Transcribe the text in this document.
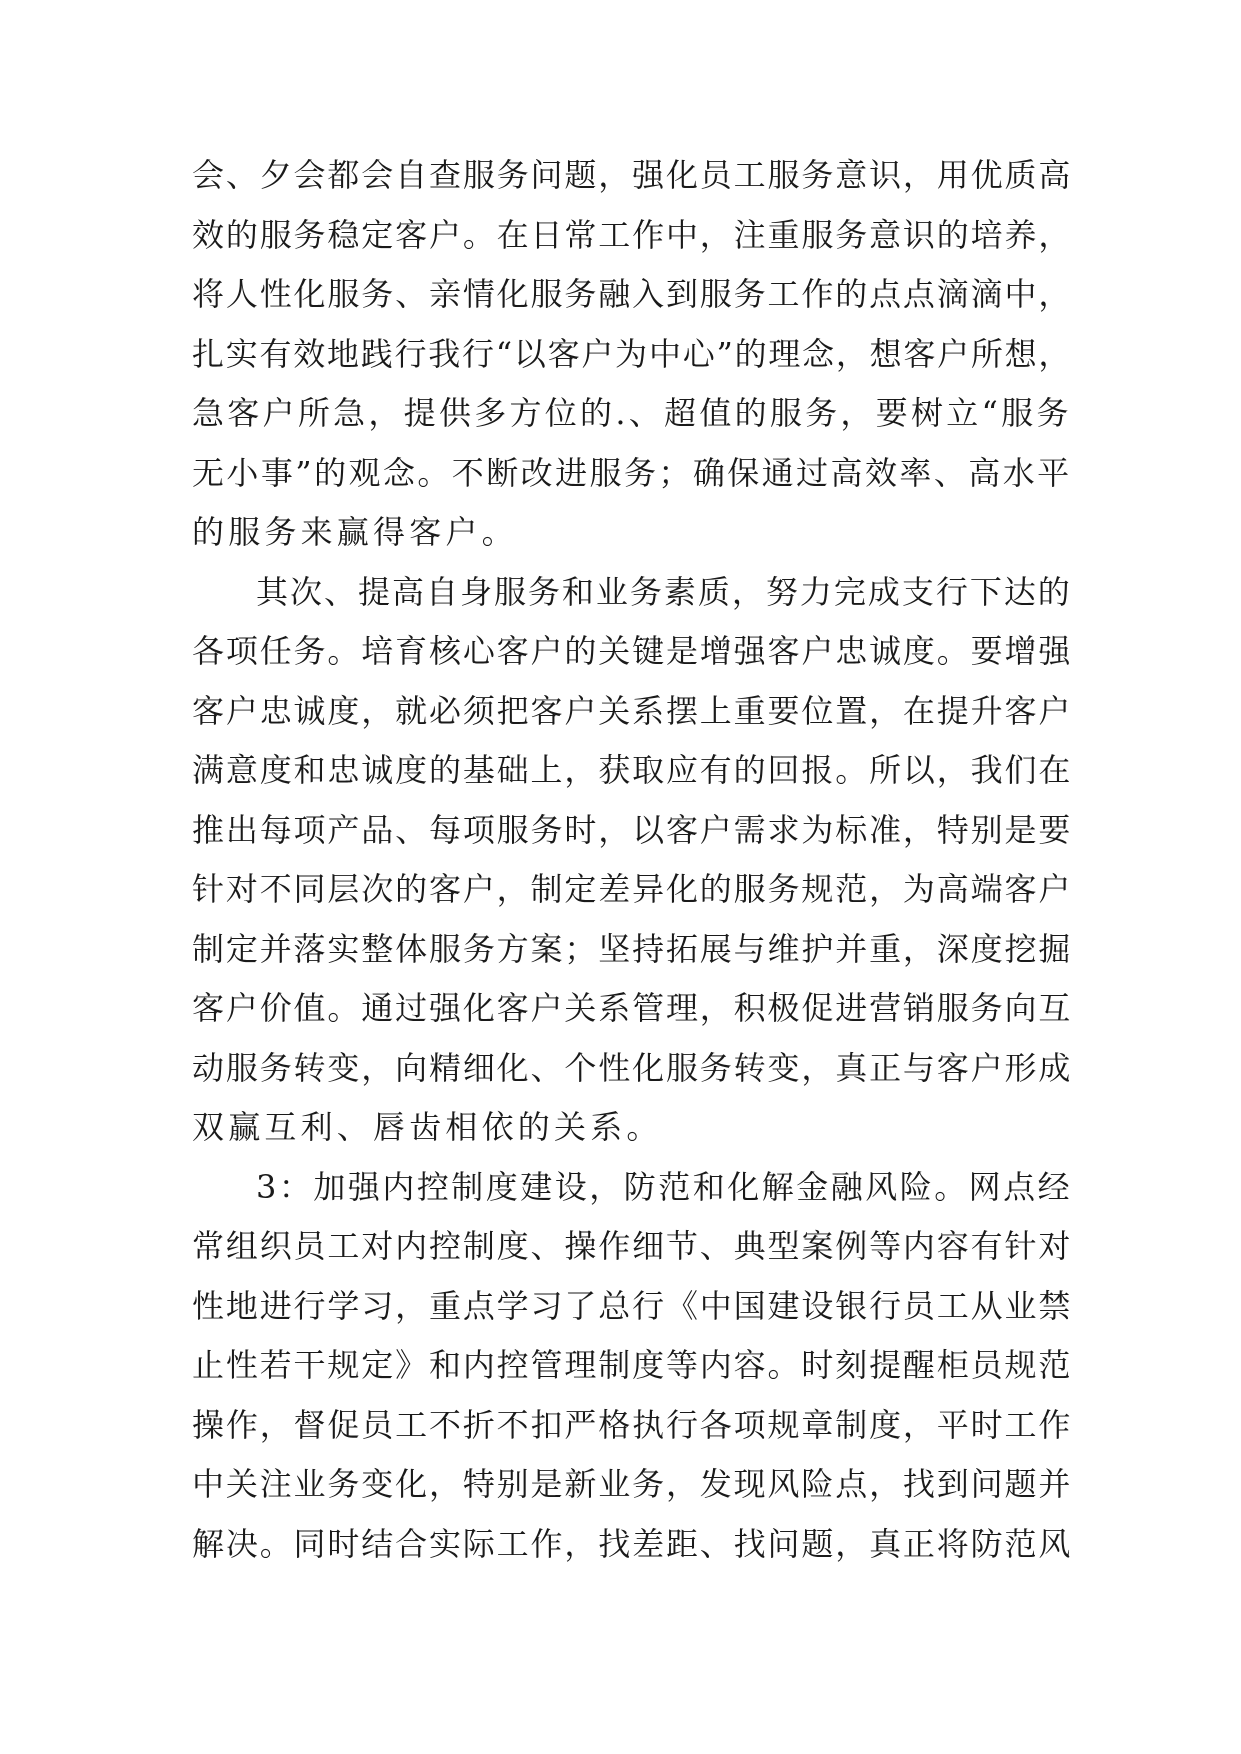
会、夕会都会自查服务问题，强化员工服务意识，用优质高
效的服务稳定客户。在日常工作中，注重服务意识的培养，
将人性化服务、亲情化服务融入到服务工作的点点滴滴中，
扎实有效地践行我行“以客户为中心”的理念，想客户所想，
急客户所急，提供多方位的.、超值的服务，要树立“服务
无小事”的观念。不断改进服务；确保通过高效率、高水平
的服务来赢得客户。
其次、提高自身服务和业务素质，努力完成支行下达的
各项任务。培育核心客户的关键是增强客户忠诚度。要增强
客户忠诚度，就必须把客户关系摆上重要位置，在提升客户
满意度和忠诚度的基础上，获取应有的回报。所以，我们在
推出每项产品、每项服务时，以客户需求为标准，特别是要
针对不同层次的客户，制定差异化的服务规范，为高端客户
制定并落实整体服务方案；坚持拓展与维护并重，深度挖掘
客户价值。通过强化客户关系管理，积极促进营销服务向互
动服务转变，向精细化、个性化服务转变，真正与客户形成
双赢互利、唇齿相依的关系。
3：加强内控制度建设，防范和化解金融风险。网点经
常组织员工对内控制度、操作细节、典型案例等内容有针对
性地进行学习，重点学习了总行《中国建设银行员工从业禁
止性若干规定》和内控管理制度等内容。时刻提醒柜员规范
操作，督促员工不折不扣严格执行各项规章制度，平时工作
中关注业务变化，特别是新业务，发现风险点，找到问题并
解决。同时结合实际工作，找差距、找问题，真正将防范风
